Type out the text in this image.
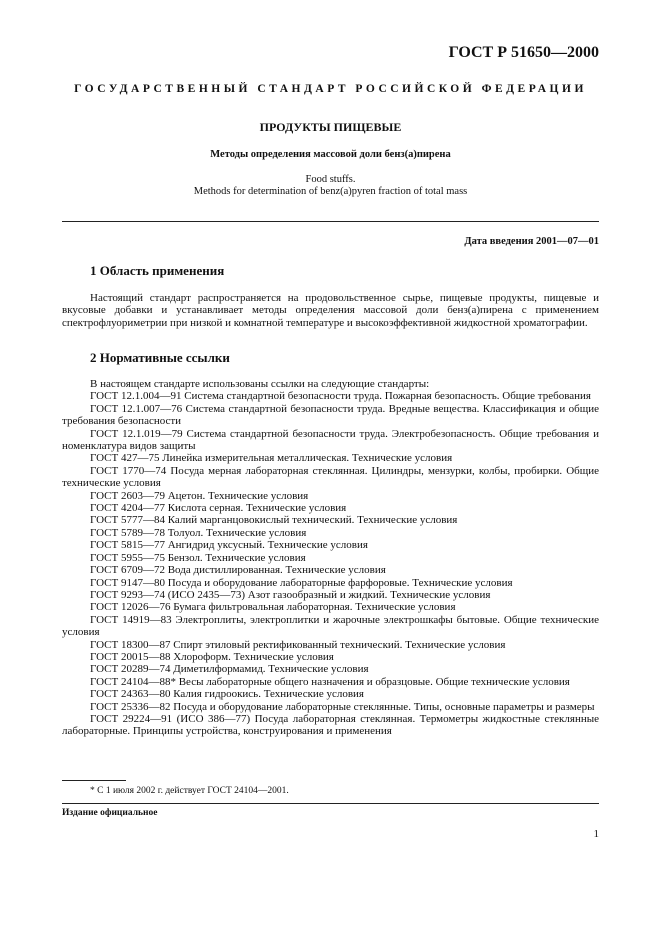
ГОСТ Р 51650—2000
ГОСУДАРСТВЕННЫЙ СТАНДАРТ РОССИЙСКОЙ ФЕДЕРАЦИИ
ПРОДУКТЫ ПИЩЕВЫЕ
Методы определения массовой доли бенз(а)пирена
Food stuffs.
Methods for determination of benz(a)pyren fraction of total mass
Дата введения 2001—07—01
1 Область применения
Настоящий стандарт распространяется на продовольственное сырье, пищевые продукты, пищевые и вкусовые добавки и устанавливает методы определения массовой доли бенз(а)пирена с применением спектрофлуориметрии при низкой и комнатной температуре и высокоэффективной жидкостной хроматографии.
2 Нормативные ссылки

В настоящем стандарте использованы ссылки на следующие стандарты:

ГОСТ 12.1.004—91 Система стандартной безопасности труда. Пожарная безопасность. Общие требования

ГОСТ 12.1.007—76 Система стандартной безопасности труда. Вредные вещества. Классификация и общие требования безопасности

ГОСТ 12.1.019—79 Система стандартной безопасности труда. Электробезопасность. Общие требования и номенклатура видов защиты

ГОСТ 427—75 Линейка измерительная металлическая. Технические условия

ГОСТ 1770—74 Посуда мерная лабораторная стеклянная. Цилиндры, мензурки, колбы, пробирки. Общие технические условия

ГОСТ 2603—79 Ацетон. Технические условия

ГОСТ 4204—77 Кислота серная. Технические условия

ГОСТ 5777—84 Калий марганцовокислый технический. Технические условия

ГОСТ 5789—78 Толуол. Технические условия

ГОСТ 5815—77 Ангидрид уксусный. Технические условия

ГОСТ 5955—75 Бензол. Технические условия

ГОСТ 6709—72 Вода дистиллированная. Технические условия

ГОСТ 9147—80 Посуда и оборудование лабораторные фарфоровые. Технические условия

ГОСТ 9293—74 (ИСО 2435—73) Азот газообразный и жидкий. Технические условия

ГОСТ 12026—76 Бумага фильтровальная лабораторная. Технические условия

ГОСТ 14919—83 Электроплиты, электроплитки и жарочные электрошкафы бытовые. Общие технические условия

ГОСТ 18300—87 Спирт этиловый ректификованный технический. Технические условия

ГОСТ 20015—88 Хлороформ. Технические условия

ГОСТ 20289—74 Диметилформамид. Технические условия

ГОСТ 24104—88* Весы лабораторные общего назначения и образцовые. Общие технические условия

ГОСТ 24363—80 Калия гидроокись. Технические условия

ГОСТ 25336—82 Посуда и оборудование лабораторные стеклянные. Типы, основные параметры и размеры

ГОСТ 29224—91 (ИСО 386—77) Посуда лабораторная стеклянная. Термометры жидкостные стеклянные лабораторные. Принципы устройства, конструирования и применения

* С 1 июля 2002 г. действует ГОСТ 24104—2001.
Издание официальное
1
